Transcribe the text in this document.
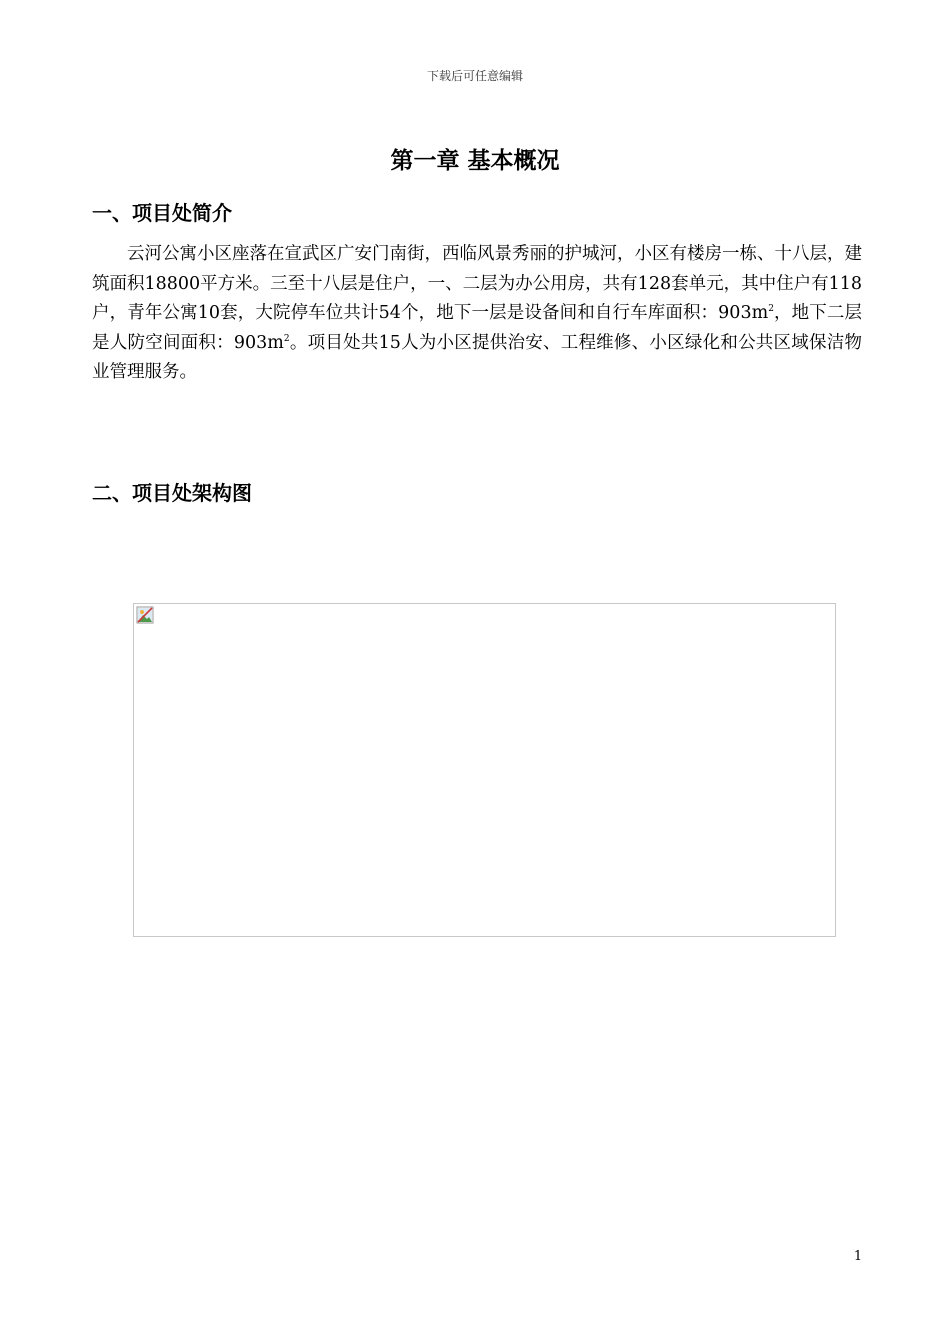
下载后可任意编辑
第一章 基本概况
一、项目处简介

云河公寓小区座落在宣武区广安门南街，西临风景秀丽的护城河，小区有楼房一栋、十八层，建筑面积18800平方米。三至十八层是住户，一、二层为办公用房，共有128套单元，其中住户有118户，青年公寓10套，大院停车位共计54个，地下一层是设备间和自行车库面积：$903m^2$，地下二层是人防空间面积：$903m^2$。项目处共15人为小区提供治安、工程维修、小区绿化和公共区域保洁物业管理服务。

二、项目处架构图
1
